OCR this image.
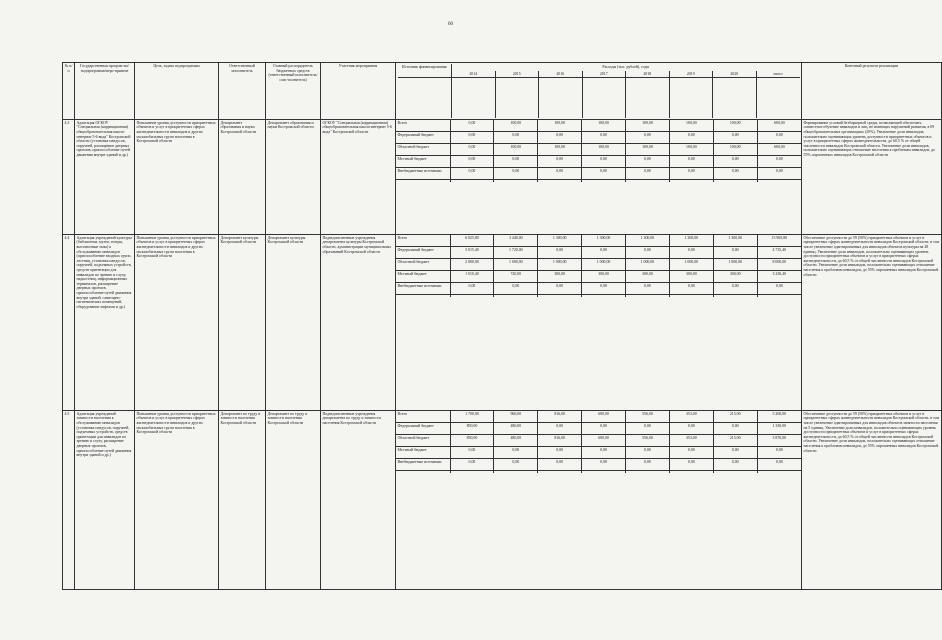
60
№ п/п	Государственная програм-ма/подпрограмма/меро-приятие	Цель, задача подпрограммы	Ответственный исполнитель	Главный распорядитель бюджетных средств (ответственный исполнитель/соис-полнитель)	Участник мероприятия		Источник финансирования	Расходы (тыс. рублей), годы
2014	2015	2016	2017	2018	2019	2020	итого

	Конечный результат реализации
4.3	Адаптация ОГКОУ "Специальная (коррекционная) общеобразовательная школа-интернат 5-6 вида" Костромской области (установка пандусов, поручней, расширение дверных проемов, приспособление путей движения внутри зданий и др.)	Повышение уровня доступности приоритетных объектов и услуг в приоритетных сферах жизнедеятельности инвалидов и других маломобильных групп населения в Костромской области	Департамент образования и науки Костромской области	Департамент образования и науки Костромской области	ОГКОУ "Специальная (коррекционная) общеобразовательная школа-интернат 5-6 вида" Костромской области	
Всего	0,00	100,00	100,00	100,00	100,00	100,00	100,00	600,00
Федеральный бюджет	0,00	0,00	0,00	0,00	0,00	0,00	0,00	0,00
Областной бюджет	0,00	100,00	100,00	100,00	100,00	100,00	100,00	600,00
Местный бюджет	0,00	0,00	0,00	0,00	0,00	0,00	0,00	0,00
Внебюджетные источники	0,00	0,00	0,00	0,00	0,00	0,00	0,00	0,00

	Формирование условий безбарьерной среды, позволяющей обеспечить совместное обучение инвалидов и лиц, не имеющих нарушений развития, в 69 общеобразовательных организациях (20%). Увеличение доли инвалидов, положительно оценивающих уровень доступности приоритетных объектов и услуг в приоритетных сферах жизнедеятельности, до 60,5 % от общей численности инвалидов Костромской области. Увеличение доли инвалидов, положительно оценивающих отношение населения к проблемам инвалидов, до 55% опрошенных инвалидов Костромской области
4.4	Адаптация учреждений культуры (библиотеки, музеи, театры, выставочные залы) к обслуживанию инвалидов (приспособление входных групп, лестниц, установка пандусов, поручней, подъемных устройств, средств ориентации для инвалидов по зрению и слуху, надкостниц, информационных терминалов, расширение дверных проемов, приспособление путей движения внутри зданий, санитарно-гигиенических помещений, оборудование лифтами и др.)	Повышение уровня доступности приоритетных объектов и услуг в приоритетных сферах жизнедеятельности инвалидов и других маломобильных групп населения в Костромской области	Департамент культуры Костромской области	Департамент культуры Костромской области	Подведомственные учреждения департамента культуры Костромской области, администрации муниципальных образований Костромской области	
Всего	6 025,80	3 440,00	1 300,00	1 300,00	1 300,00	1 300,00	1 300,00	15 965,80
Федеральный бюджет	3 015,40	1 720,00	0,00	0,00	0,00	0,00	0,00	4 735,40
Областной бюджет	2 000,00	1 000,00	1 000,00	1 000,00	1 000,00	1 000,00	1 000,00	8 000,00
Местный бюджет	1 010,40	720,00	300,00	300,00	300,00	300,00	300,00	3 230,40
Внебюджетные источники	0,00	0,00	0,00	0,00	0,00	0,00	0,00	0,00

	Обеспечение доступности до 59 (50%) приоритетных объектов и услуг в приоритетных сферах жизнедеятельности инвалидов Костромской области, в том числе увеличение адаптированных для инвалидов объектов культуры на 28 единиц. Увеличение доли инвалидов, положительно оценивающих уровень доступности приоритетных объектов и услуг в приоритетных сферах жизнедеятельности, до 60,5 % от общей численности инвалидов Костромской области. Увеличение доли инвалидов, положительно оценивающих отношение населения к проблемам инвалидов, до 55% опрошенных инвалидов Костромской области
4.5	Адаптация учреждений занятости населения к обслуживанию инвалидов (установка пандусов, поручней, подъемных устройств, средств ориентации для инвалидов по зрению и слуху, расширение дверных проемов, приспособление путей движения внутри зданий и др.)	Повышение уровня доступности приоритетных объектов и услуг в приоритетных сферах жизнедеятельности инвалидов и других маломобильных групп населения в Костромской области	Департамент по труду и занятости населения Костромской области	Департамент по труду и занятости населения Костромской области	Подведомственные учреждения департамента по труду и занятости населения Костромской области	
Всего	1 700,00	960,00	816,00	600,00	556,00	353,00	215,00	5 200,00
Федеральный бюджет	850,00	480,00	0,00	0,00	0,00	0,00	0,00	1 330,00
Областной бюджет	850,00	480,00	816,00	600,00	556,00	353,00	215,00	3 870,00
Местный бюджет	0,00	0,00	0,00	0,00	0,00	0,00	0,00	0,00
Внебюджетные источники	0,00	0,00	0,00	0,00	0,00	0,00	0,00	0,00

	Обеспечение доступности до 59 (50%) приоритетных объектов и услуг в приоритетных сферах жизнедеятельности инвалидов Костромской области, в том числе увеличение адаптированных для инвалидов объектов занятости населения на 5 единиц. Увеличение доли инвалидов, положительно оценивающих уровень доступности приоритетных объектов и услуг в приоритетных сферах жизнедеятельности, до 60,5 % от общей численности инвалидов Костромской области. Увеличение доли инвалидов, положительно оценивающих отношение населения к проблемам инвалидов, до 55% опрошенных инвалидов Костромской области
